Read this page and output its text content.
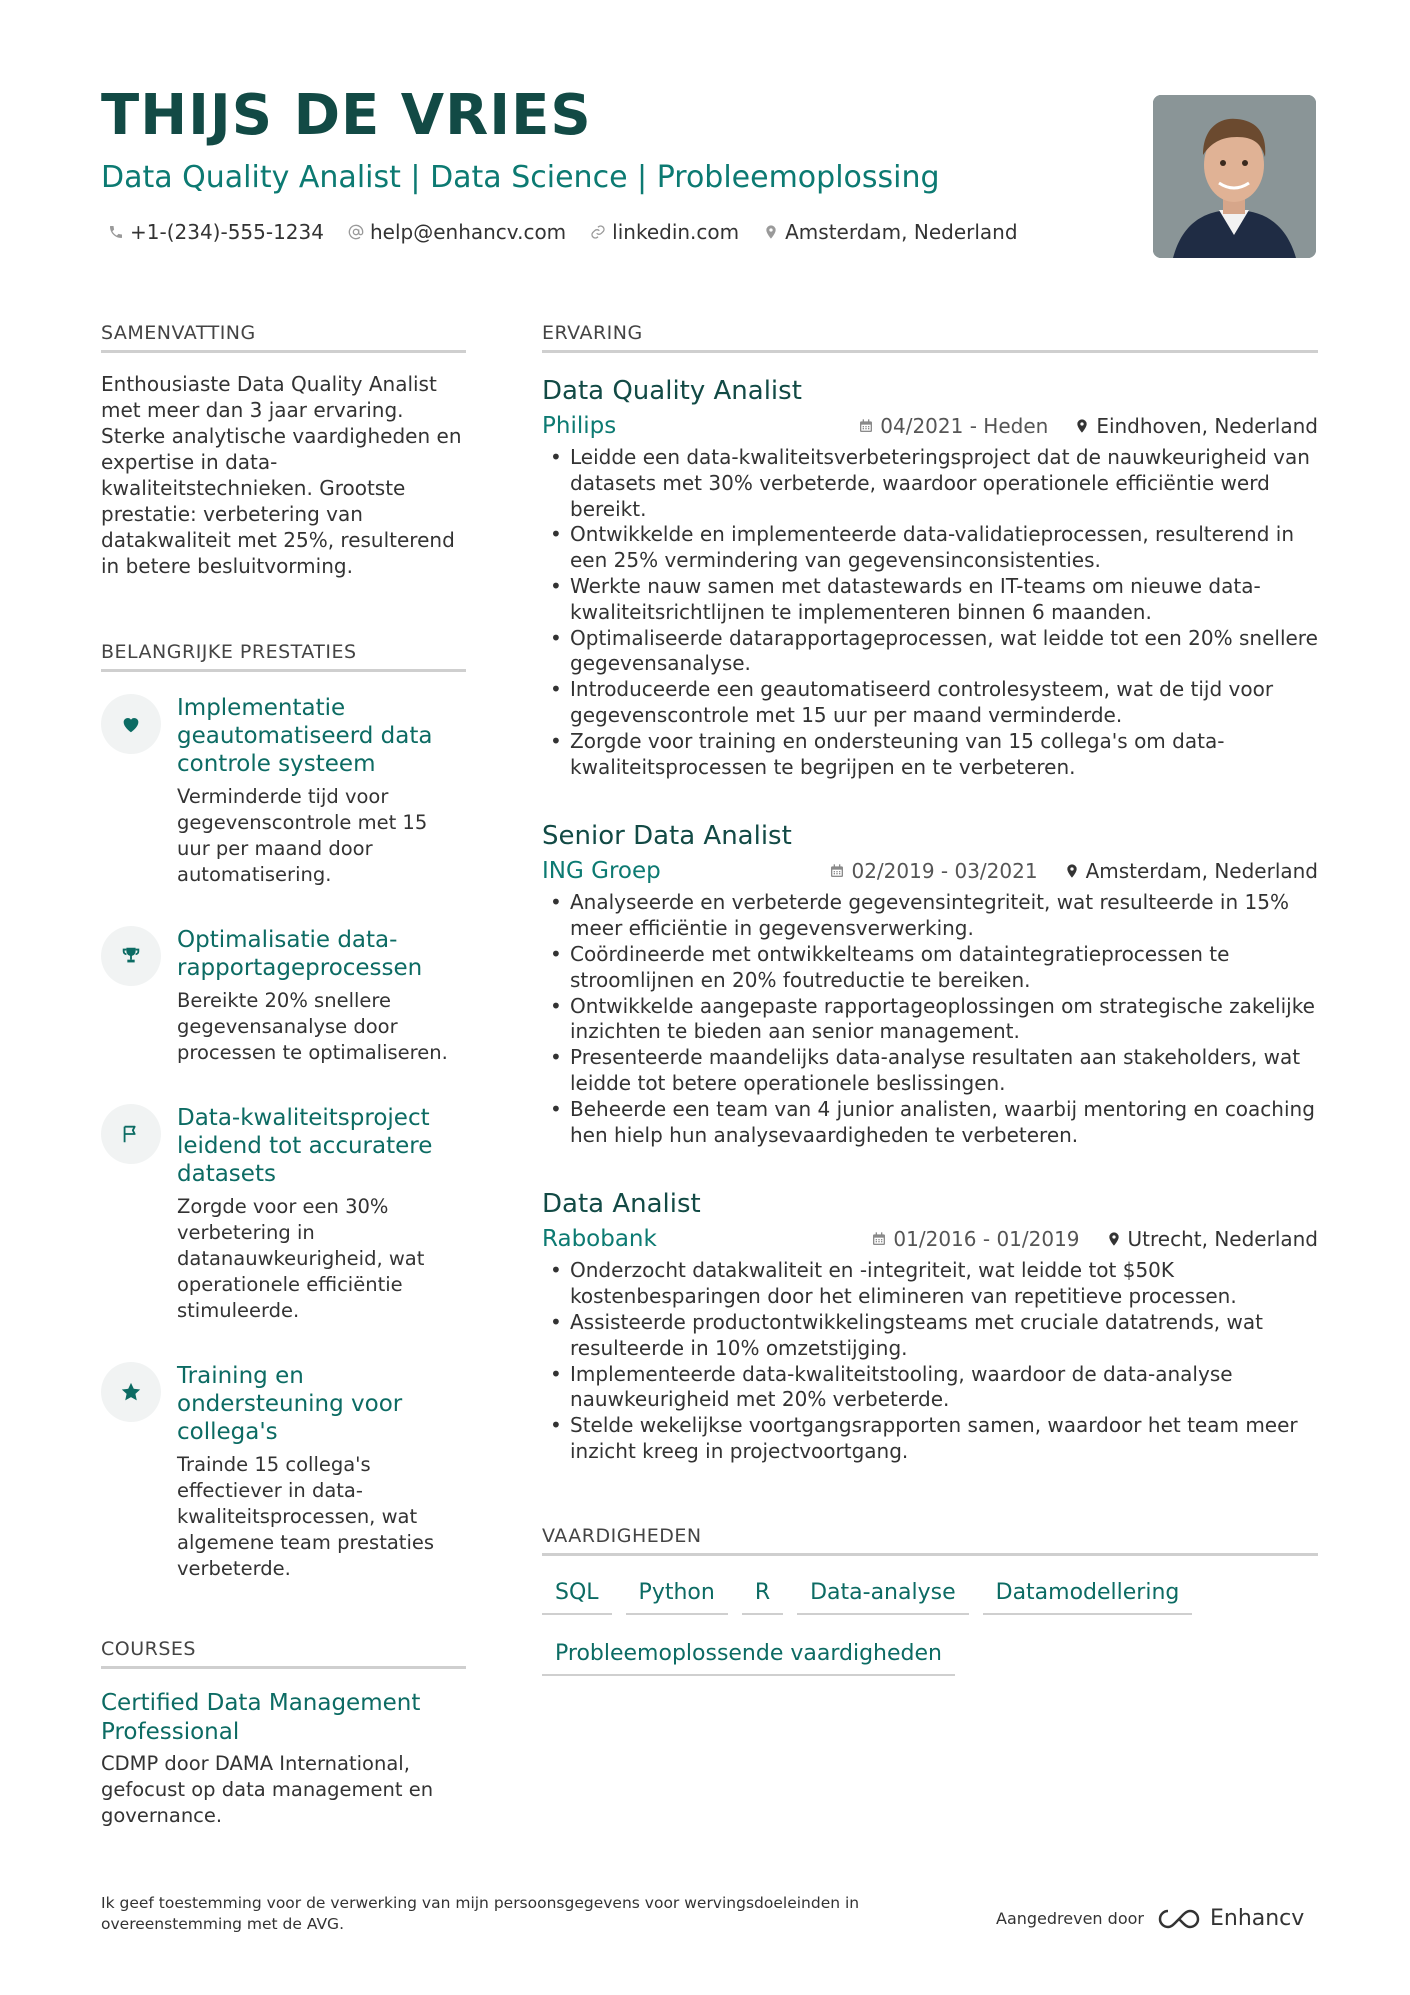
THIJS DE VRIES
Data Quality Analist | Data Science | Probleemoplossing
+1-(234)-555-1234 help@enhancv.com linkedin.com Amsterdam, Nederland
SAMENVATTING

Enthousiaste Data Quality Analist met meer dan 3 jaar ervaring. Sterke analytische vaardigheden en expertise in data-kwaliteitstechnieken. Grootste prestatie: verbetering van datakwaliteit met 25%, resulterend in betere besluitvorming.

BELANGRIJKE PRESTATIES
Implementatie geautomatiseerd data controle systeem
Verminderde tijd voor gegevenscontrole met 15 uur per maand door automatisering.
Optimalisatie data-rapportageprocessen
Bereikte 20% snellere gegevensanalyse door processen te optimaliseren.
Data-kwaliteitsproject leidend tot accuratere datasets
Zorgde voor een 30% verbetering in datanauwkeurigheid, wat operationele efficiëntie stimuleerde.
Training en ondersteuning voor collega's
Trainde 15 collega's effectiever in data-kwaliteitsprocessen, wat algemene team prestaties verbeterde.
COURSES
Certified Data Management Professional
CDMP door DAMA International, gefocust op data management en governance.
ERVARING
Data Quality Analist
Philips	04/2021 - Heden Eindhoven, Nederland
• Leidde een data-kwaliteitsverbeteringsproject dat de nauwkeurigheid van datasets met 30% verbeterde, waardoor operationele efficiëntie werd bereikt.
• Ontwikkelde en implementeerde data-validatieprocessen, resulterend in een 25% vermindering van gegevensinconsistenties.
• Werkte nauw samen met datastewards en IT-teams om nieuwe data-kwaliteitsrichtlijnen te implementeren binnen 6 maanden.
• Optimaliseerde datarapportageprocessen, wat leidde tot een 20% snellere gegevensanalyse.
• Introduceerde een geautomatiseerd controlesysteem, wat de tijd voor gegevenscontrole met 15 uur per maand verminderde.
• Zorgde voor training en ondersteuning van 15 collega's om data-kwaliteitsprocessen te begrijpen en te verbeteren.
Senior Data Analist
ING Groep	02/2019 - 03/2021 Amsterdam, Nederland
• Analyseerde en verbeterde gegevensintegriteit, wat resulteerde in 15% meer efficiëntie in gegevensverwerking.
• Coördineerde met ontwikkelteams om dataintegratieprocessen te stroomlijnen en 20% foutreductie te bereiken.
• Ontwikkelde aangepaste rapportageoplossingen om strategische zakelijke inzichten te bieden aan senior management.
• Presenteerde maandelijks data-analyse resultaten aan stakeholders, wat leidde tot betere operationele beslissingen.
• Beheerde een team van 4 junior analisten, waarbij mentoring en coaching hen hielp hun analysevaardigheden te verbeteren.
Data Analist
Rabobank	01/2016 - 01/2019 Utrecht, Nederland
• Onderzocht datakwaliteit en -integriteit, wat leidde tot $50K kostenbesparingen door het elimineren van repetitieve processen.
• Assisteerde productontwikkelingsteams met cruciale datatrends, wat resulteerde in 10% omzetstijging.
• Implementeerde data-kwaliteitstooling, waardoor de data-analyse nauwkeurigheid met 20% verbeterde.
• Stelde wekelijkse voortgangsrapporten samen, waardoor het team meer inzicht kreeg in projectvoortgang.
VAARDIGHEDEN
SQL	Python	R	Data-analyse	Datamodellering
Probleemoplossende vaardigheden
Ik geef toestemming voor de verwerking van mijn persoonsgegevens voor wervingsdoeleinden in overeenstemming met de AVG.	Aangedreven door	Enhancv
